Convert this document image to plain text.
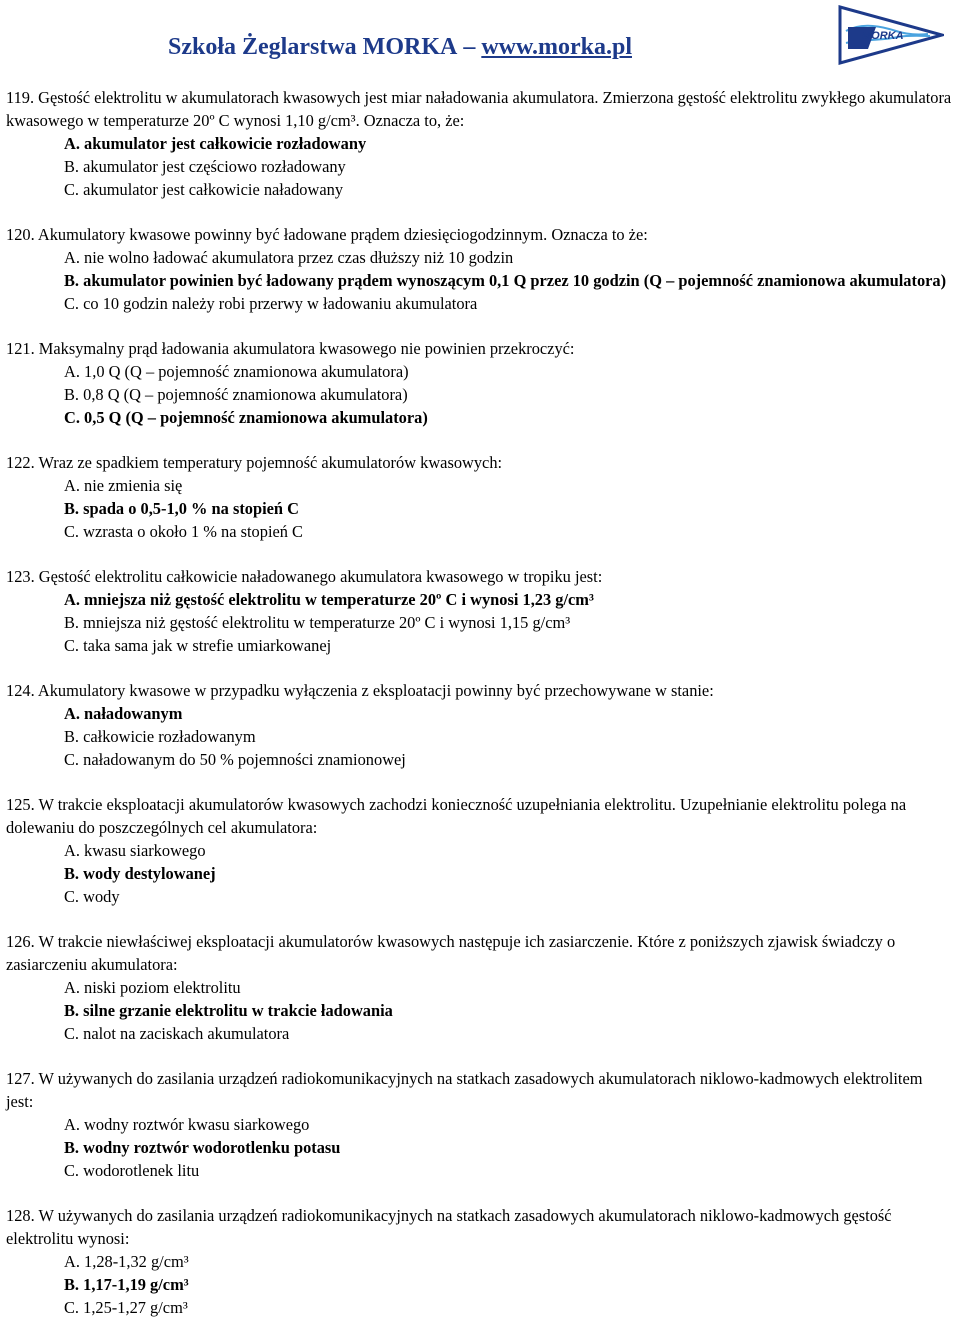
Szkoła Żeglarstwa MORKA – www.morka.pl	MORKA
119. Gęstość elektrolitu w akumulatorach kwasowych jest miar naładowania akumulatora. Zmierzona gęstość elektrolitu zwykłego akumulatora kwasowego w temperaturze 20º C wynosi 1,10 g/cm³. Oznacza to, że:
A. akumulator jest całkowicie rozładowany
B. akumulator jest częściowo rozładowany
C. akumulator jest całkowicie naładowany
120. Akumulatory kwasowe powinny być ładowane prądem dziesięciogodzinnym. Oznacza to że:
A. nie wolno ładować akumulatora przez czas dłuższy niż 10 godzin
B. akumulator powinien być ładowany prądem wynoszącym 0,1 Q przez 10 godzin (Q – pojemność znamionowa akumulatora)
C. co 10 godzin należy robi przerwy w ładowaniu akumulatora
121. Maksymalny prąd ładowania akumulatora kwasowego nie powinien przekroczyć:
A. 1,0 Q (Q – pojemność znamionowa akumulatora)
B. 0,8 Q (Q – pojemność znamionowa akumulatora)
C. 0,5 Q (Q – pojemność znamionowa akumulatora)
122. Wraz ze spadkiem temperatury pojemność akumulatorów kwasowych:
A. nie zmienia się
B. spada o 0,5-1,0 % na stopień C
C. wzrasta o około 1 % na stopień C
123. Gęstość elektrolitu całkowicie naładowanego akumulatora kwasowego w tropiku jest:
A. mniejsza niż gęstość elektrolitu w temperaturze 20º C i wynosi 1,23 g/cm³
B. mniejsza niż gęstość elektrolitu w temperaturze 20º C i wynosi 1,15 g/cm³
C. taka sama jak w strefie umiarkowanej
124. Akumulatory kwasowe w przypadku wyłączenia z eksploatacji powinny być przechowywane w stanie:
A. naładowanym
B. całkowicie rozładowanym
C. naładowanym do 50 % pojemności znamionowej
125. W trakcie eksploatacji akumulatorów kwasowych zachodzi konieczność uzupełniania elektrolitu. Uzupełnianie elektrolitu polega na dolewaniu do poszczególnych cel akumulatora:
A. kwasu siarkowego
B. wody destylowanej
C. wody
126. W trakcie niewłaściwej eksploatacji akumulatorów kwasowych następuje ich zasiarczenie. Które z poniższych zjawisk świadczy o zasiarczeniu akumulatora:
A. niski poziom elektrolitu
B. silne grzanie elektrolitu w trakcie ładowania
C. nalot na zaciskach akumulatora
127. W używanych do zasilania urządzeń radiokomunikacyjnych na statkach zasadowych akumulatorach niklowo-kadmowych elektrolitem jest:
A. wodny roztwór kwasu siarkowego
B. wodny roztwór wodorotlenku potasu
C. wodorotlenek litu
128. W używanych do zasilania urządzeń radiokomunikacyjnych na statkach zasadowych akumulatorach niklowo-kadmowych gęstość elektrolitu wynosi:
A. 1,28-1,32 g/cm³
B. 1,17-1,19 g/cm³
C. 1,25-1,27 g/cm³
